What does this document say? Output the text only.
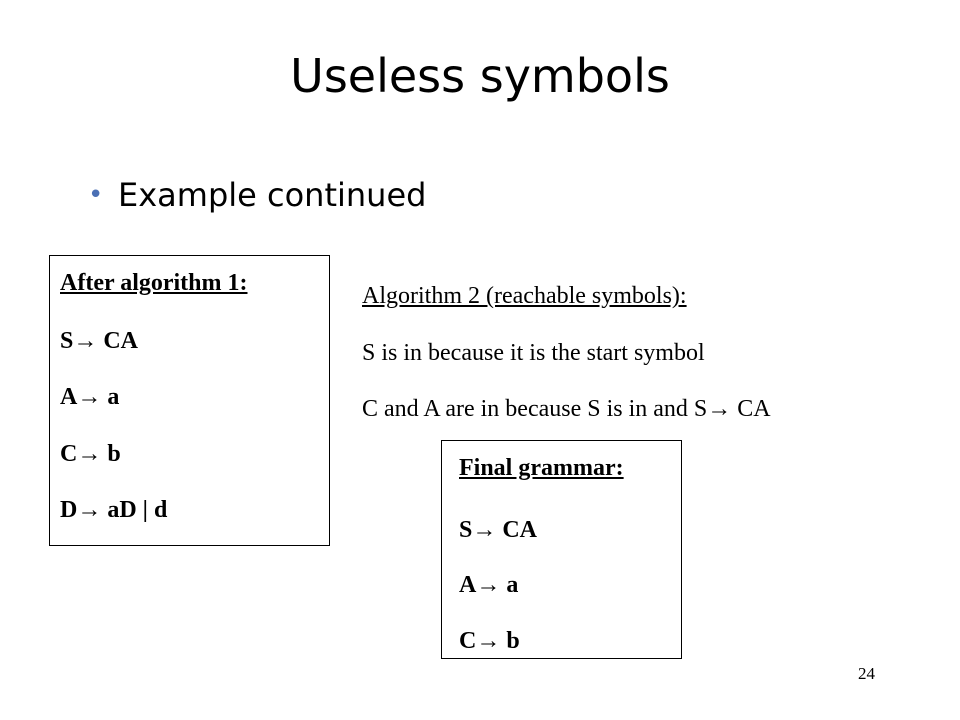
Useless symbols
• Example continued
After algorithm 1:
S→ CA
A→ a
C→ b
D→ aD | d
Algorithm 2 (reachable symbols):
S is in because it is the start symbol
C and A are in because S is in and S→ CA
Final grammar:
S→ CA
A→ a
C→ b
24
